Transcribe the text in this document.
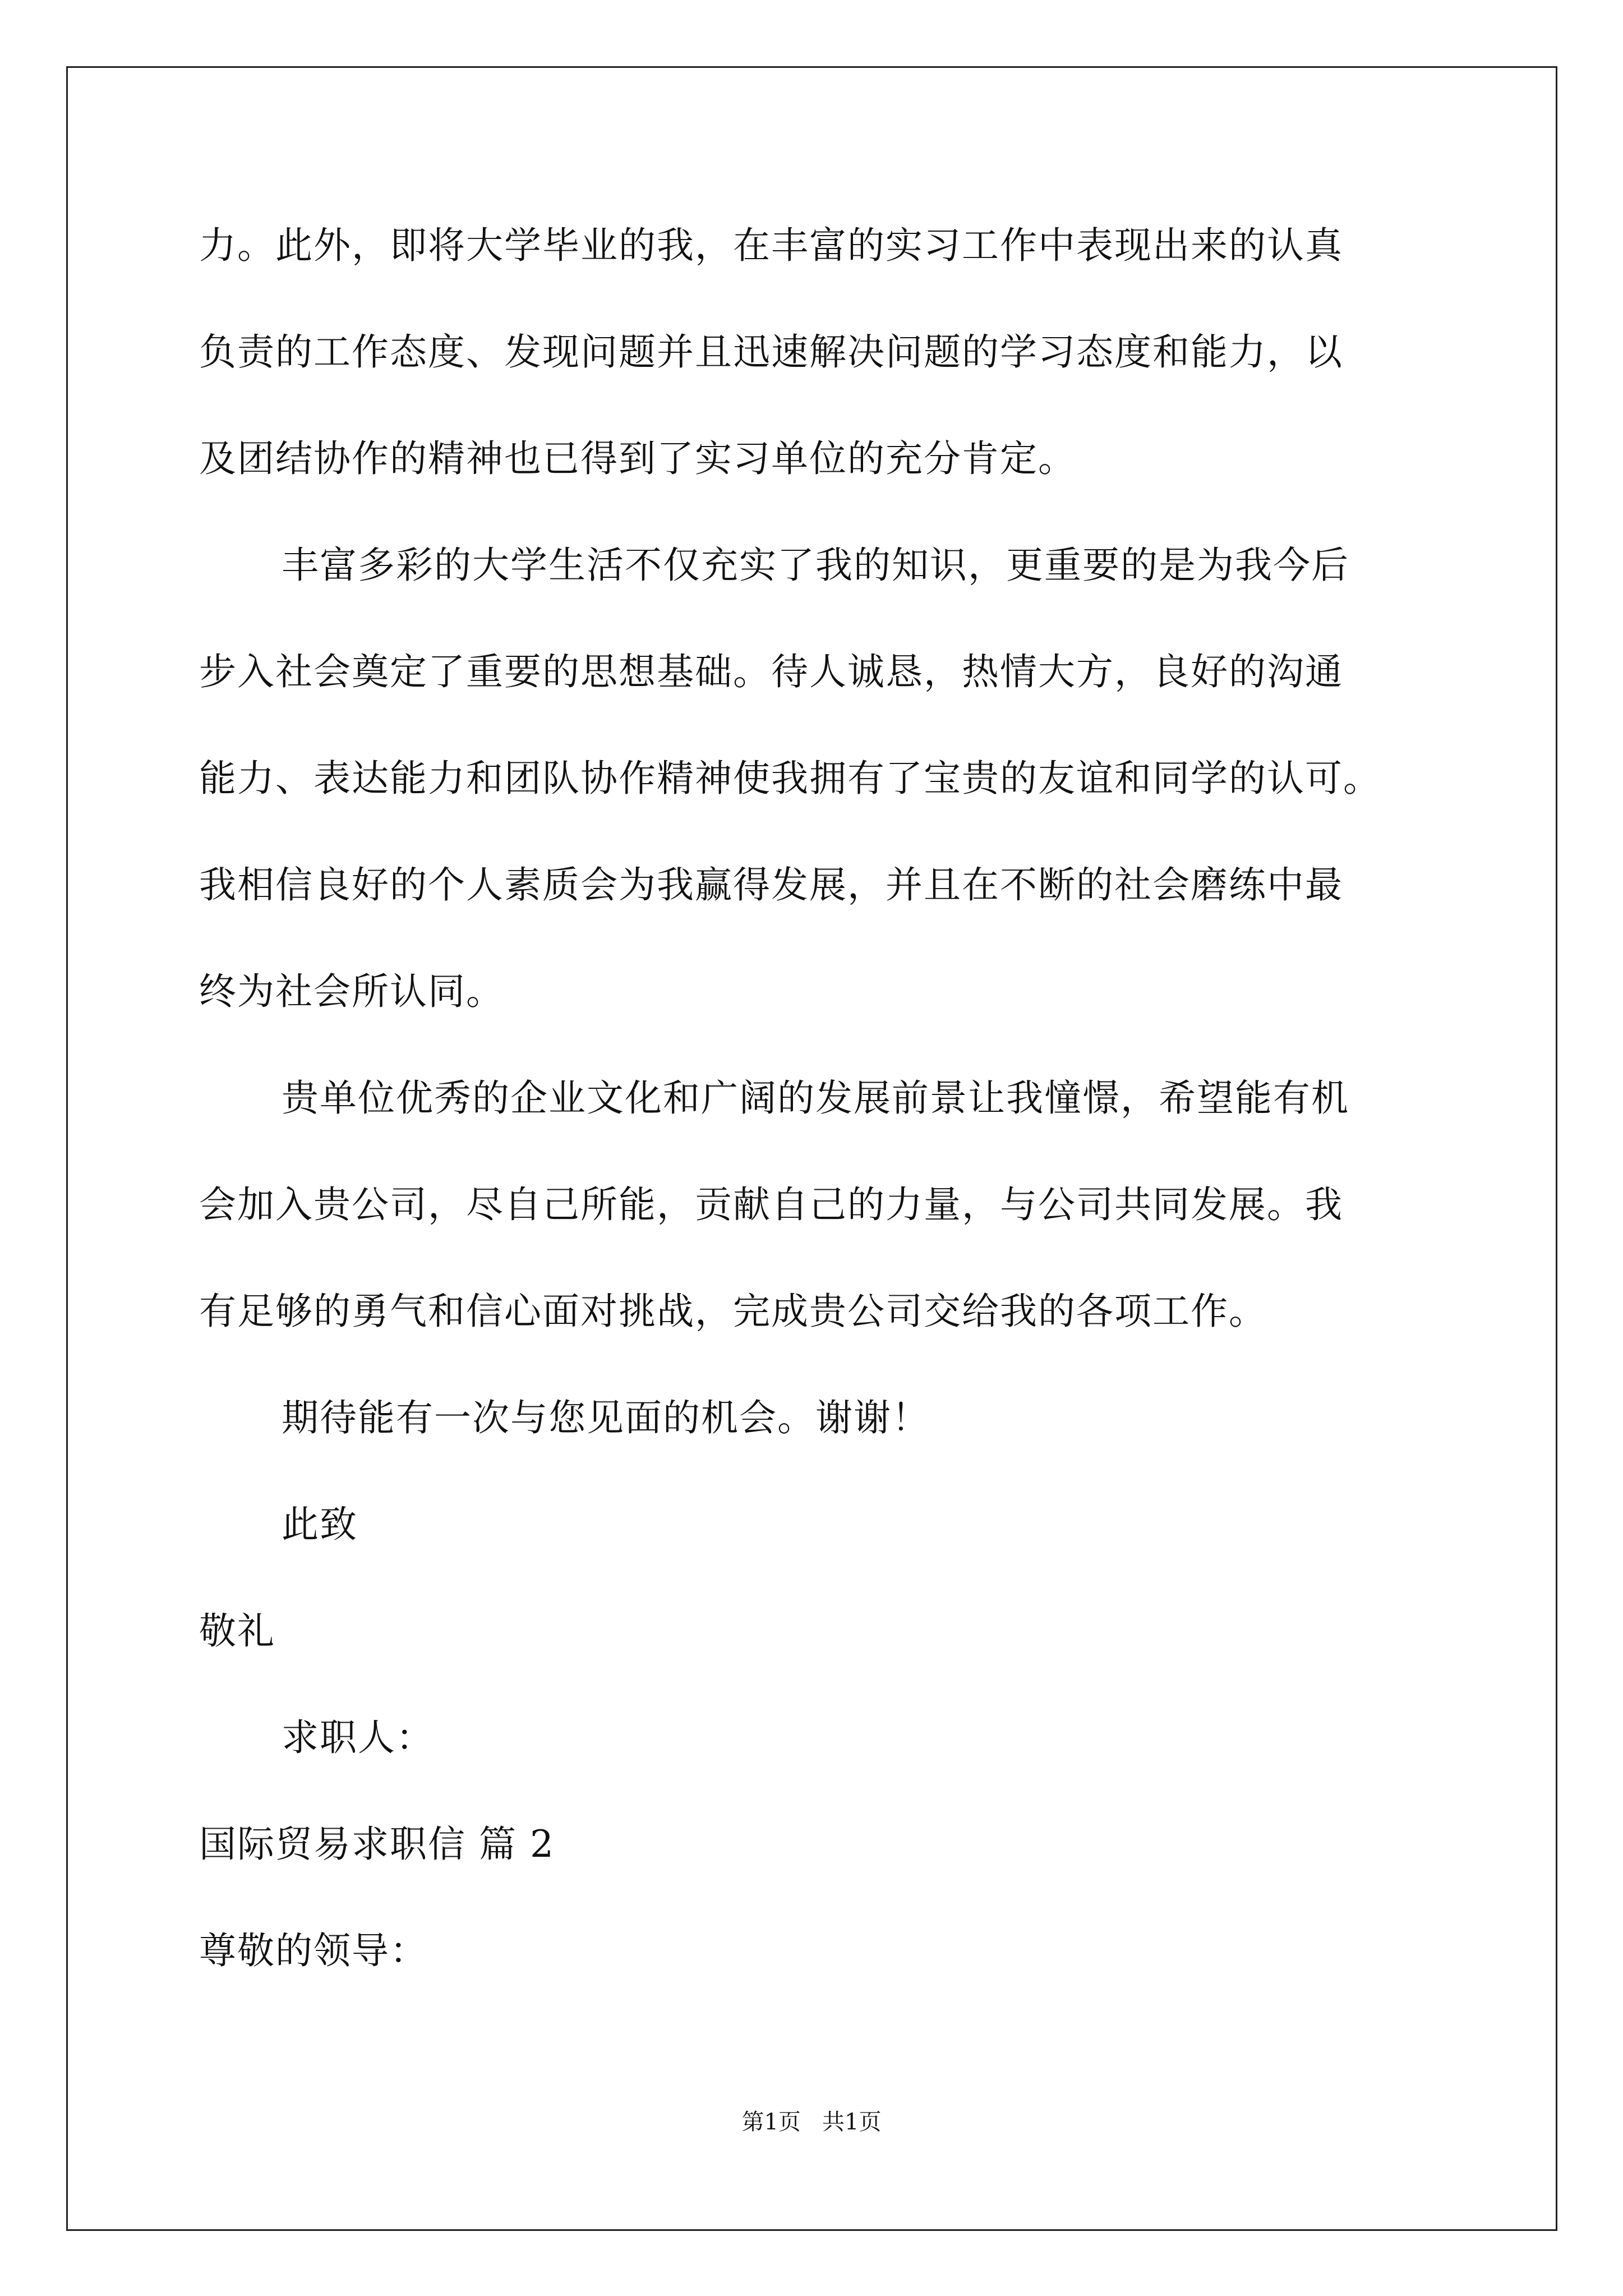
力。此外，即将大学毕业的我，在丰富的实习工作中表现出来的认真
负责的工作态度、发现问题并且迅速解决问题的学习态度和能力，以
及团结协作的精神也已得到了实习单位的充分肯定。
丰富多彩的大学生活不仅充实了我的知识，更重要的是为我今后
步入社会奠定了重要的思想基础。待人诚恳，热情大方，良好的沟通
能力、表达能力和团队协作精神使我拥有了宝贵的友谊和同学的认可。
我相信良好的个人素质会为我赢得发展，并且在不断的社会磨练中最
终为社会所认同。
贵单位优秀的企业文化和广阔的发展前景让我憧憬，希望能有机
会加入贵公司，尽自己所能，贡献自己的力量，与公司共同发展。我
有足够的勇气和信心面对挑战，完成贵公司交给我的各项工作。
期待能有一次与您见面的机会。谢谢！
此致
敬礼
求职人：
国际贸易求职信 篇 2
尊敬的领导：
第1页   共1页
